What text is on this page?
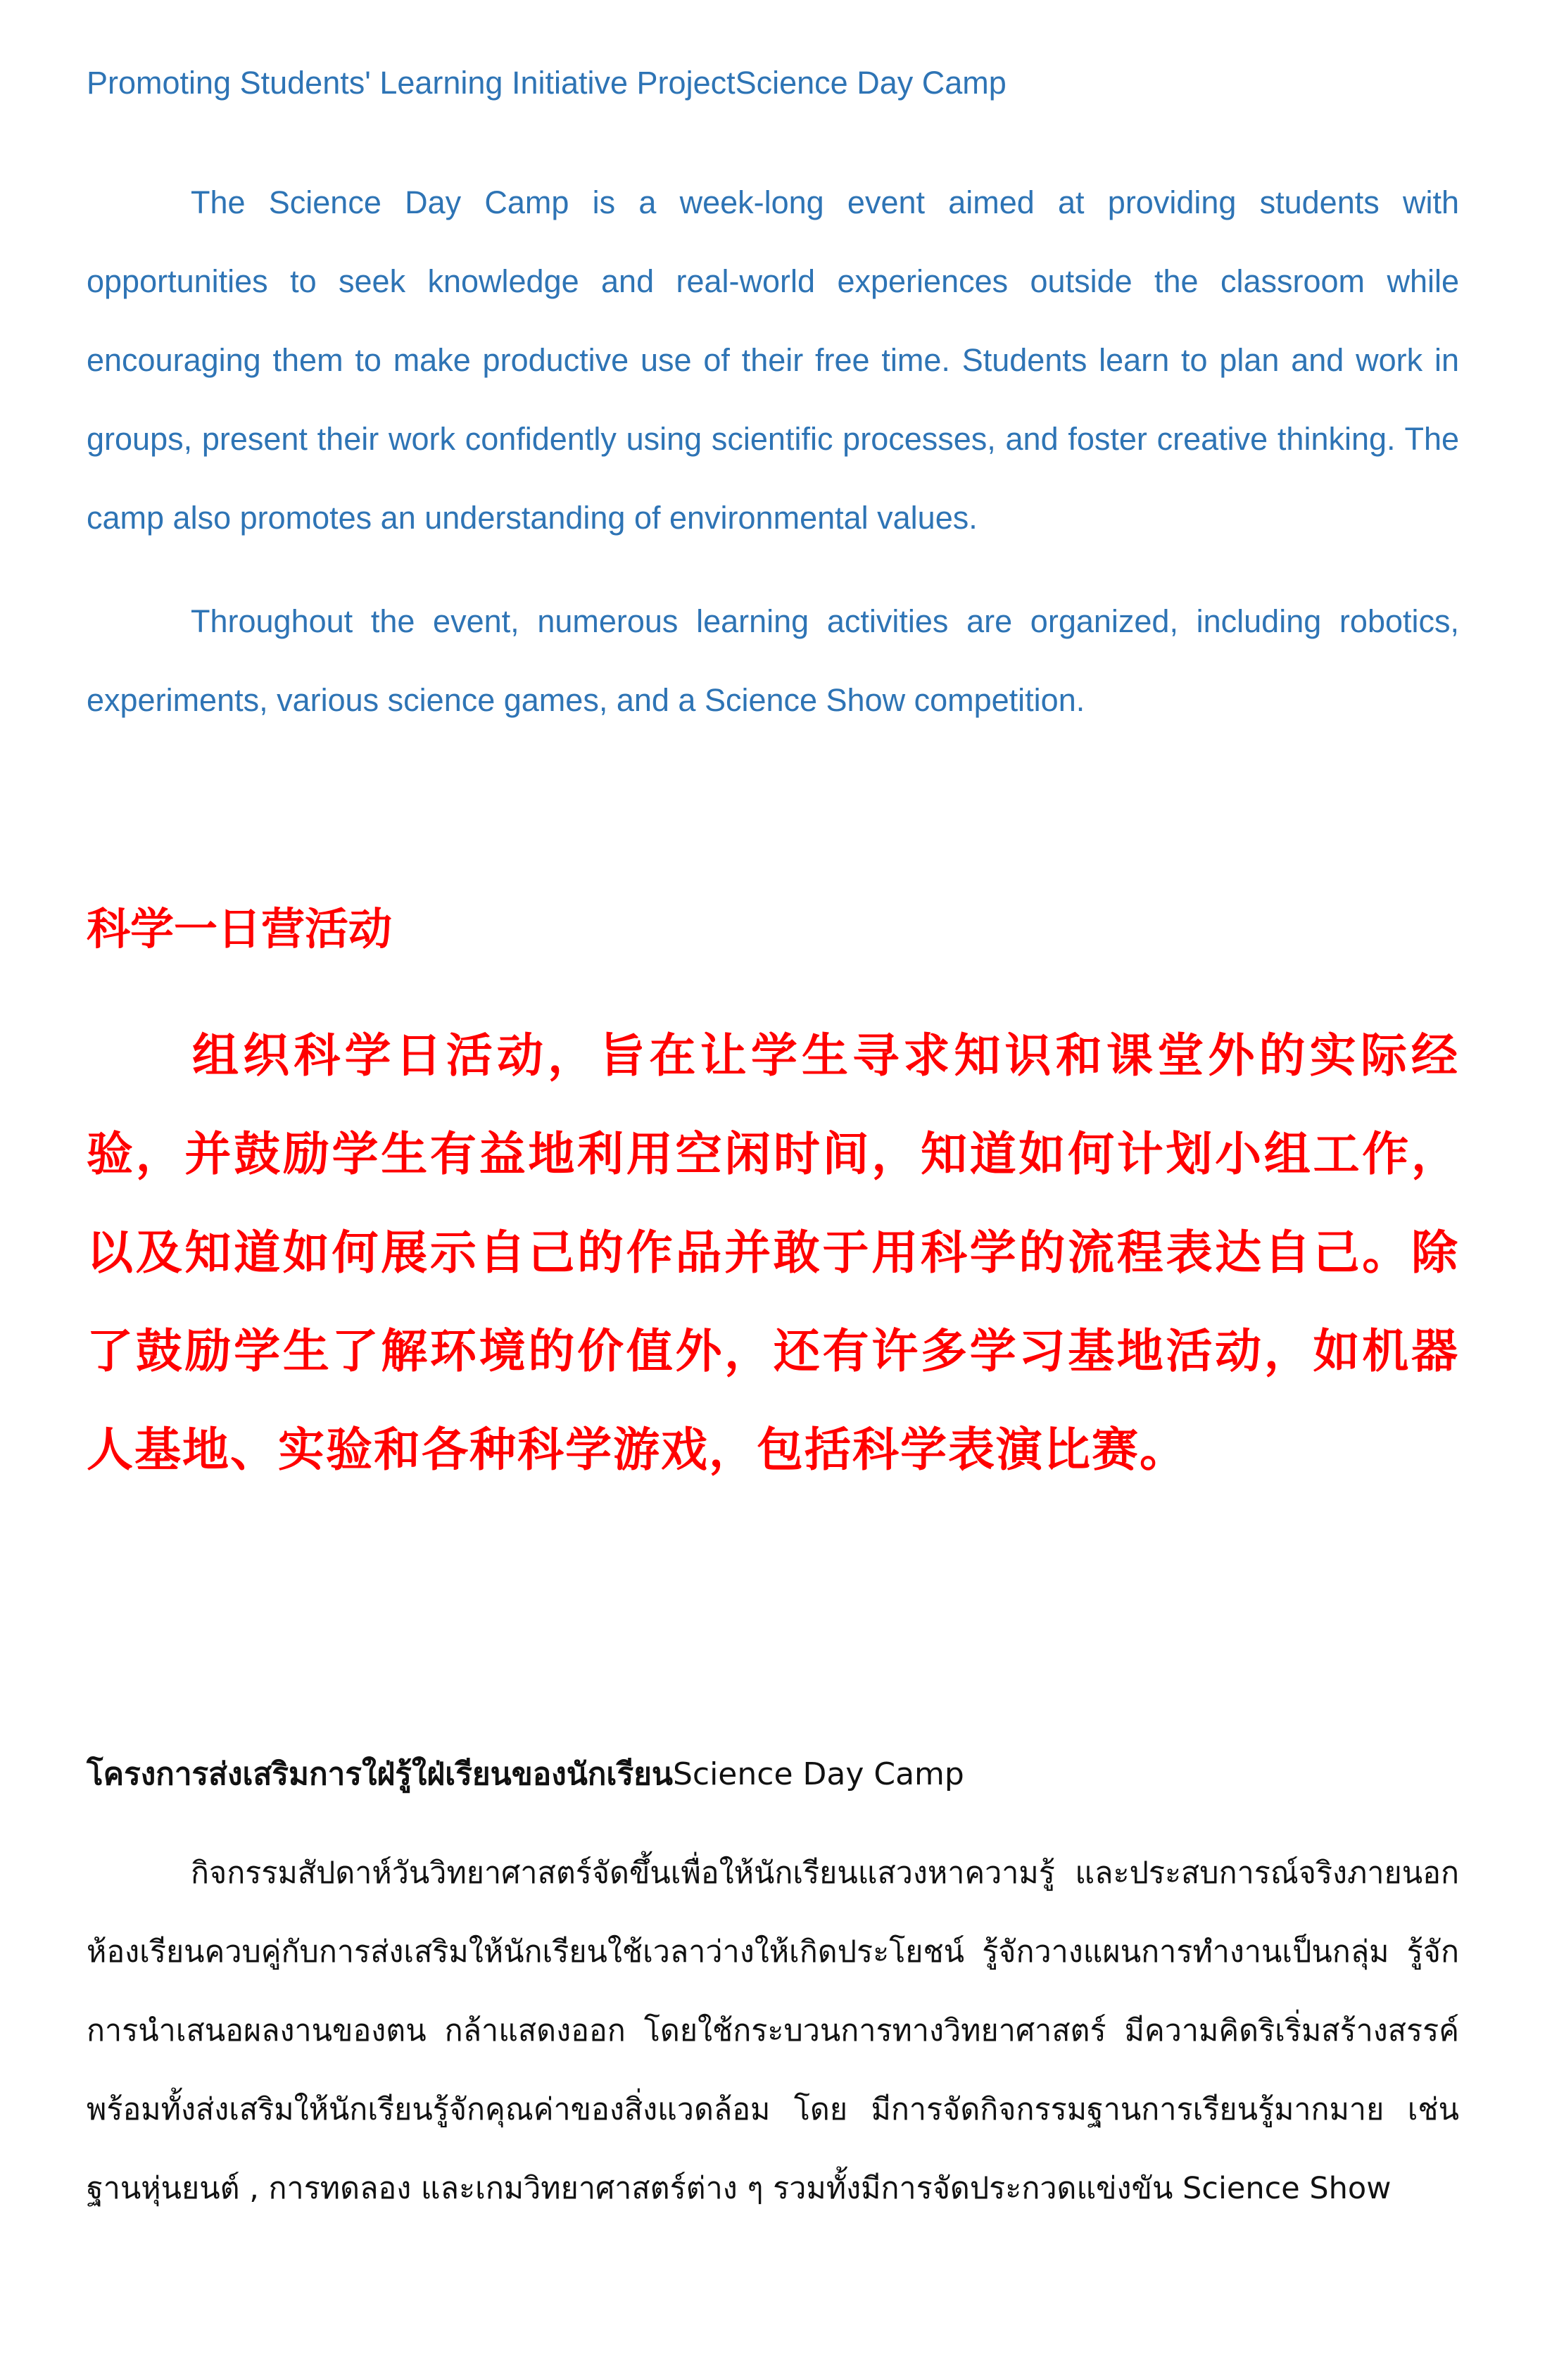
Promoting Students' Learning Initiative ProjectScience Day Camp

The Science Day Camp is a week-long event aimed at providing students with opportunities to seek knowledge and real-world experiences outside the classroom while encouraging them to make productive use of their free time. Students learn to plan and work in groups, present their work confidently using scientific processes, and foster creative thinking. The camp also promotes an understanding of environmental values.

Throughout the event, numerous learning activities are organized, including robotics, experiments, various science games, and a Science Show competition.

科学一日营活动

组织科学日活动，旨在让学生寻求知识和课堂外的实际经验，并鼓励学生有益地利用空闲时间，知道如何计划小组工作，以及知道如何展示自己的作品并敢于用科学的流程表达自己。除了鼓励学生了解环境的价值外，还有许多学习基地活动，如机器人基地、实验和各种科学游戏，包括科学表演比赛。

โครงการส่งเสริมการใฝ่รู้ใฝ่เรียนของนักเรียนScience Day Camp

กิจกรรมสัปดาห์วันวิทยาศาสตร์จัดขึ้นเพื่อให้นักเรียนแสวงหาความรู้ และประสบการณ์จริงภายนอกห้องเรียนควบคู่กับการส่งเสริมให้นักเรียนใช้เวลาว่างให้เกิดประโยชน์ รู้จักวางแผนการทำงานเป็นกลุ่ม รู้จักการนำเสนอผลงานของตน กล้าแสดงออก โดยใช้กระบวนการทางวิทยาศาสตร์ มีความคิดริเริ่มสร้างสรรค์ พร้อมทั้งส่งเสริมให้นักเรียนรู้จักคุณค่าของสิ่งแวดล้อม โดย มีการจัดกิจกรรมฐานการเรียนรู้มากมาย เช่น ฐานหุ่นยนต์ , การทดลอง และเกมวิทยาศาสตร์ต่าง ๆ รวมทั้งมีการจัดประกวดแข่งขัน Science Show
